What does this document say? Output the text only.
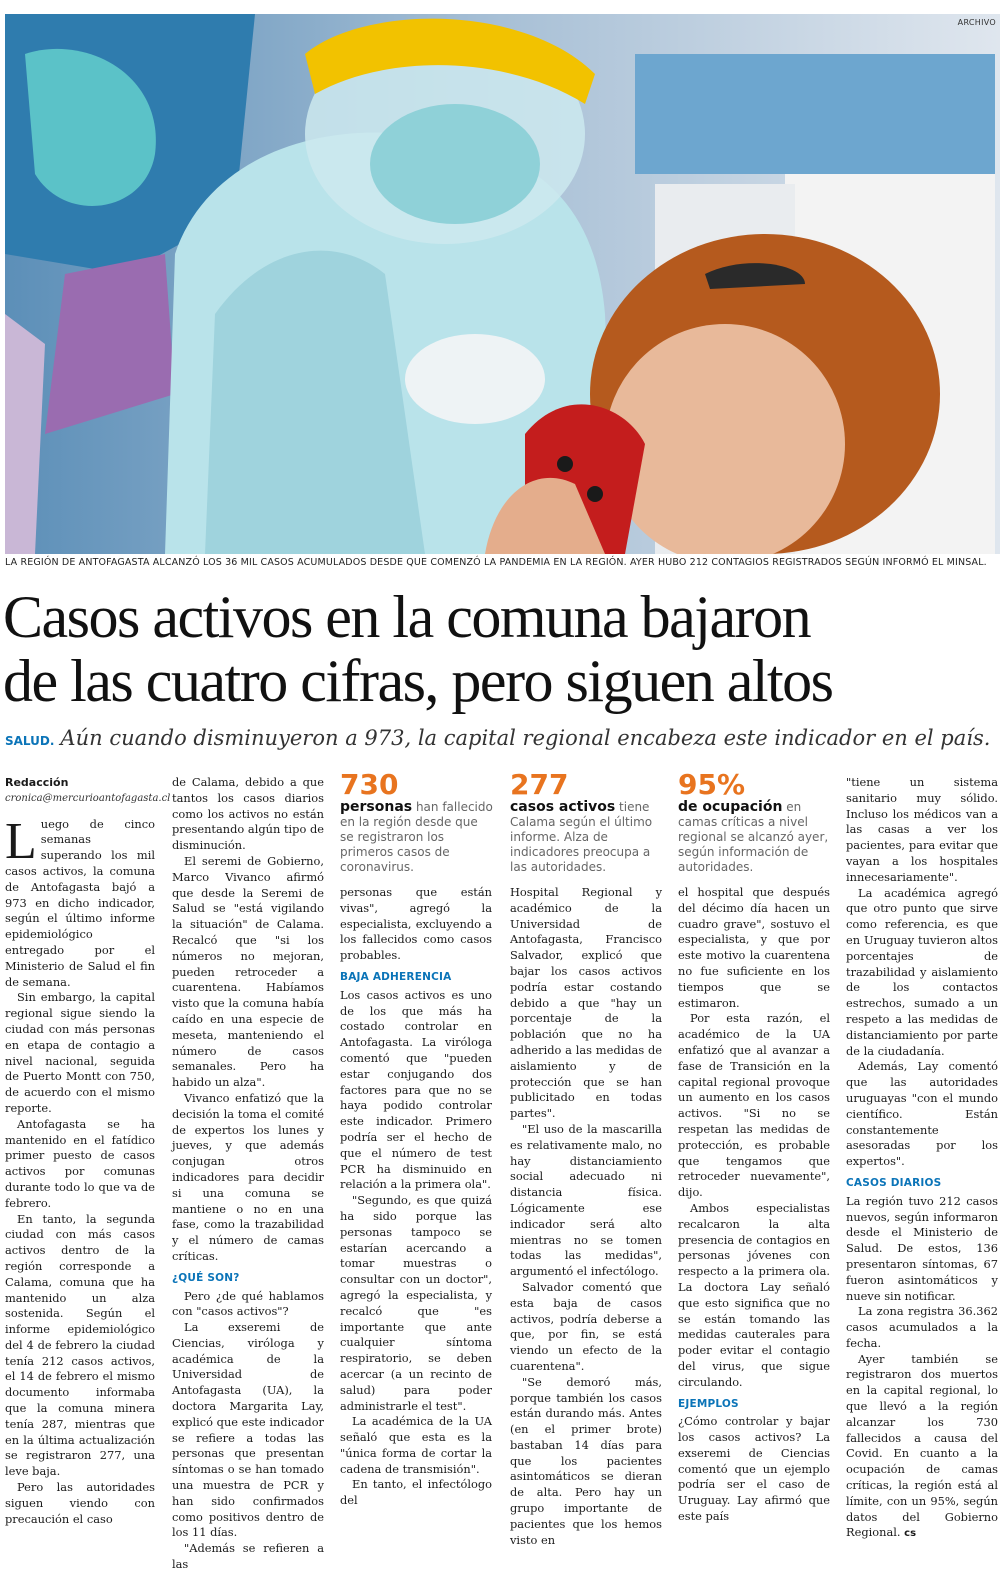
ARCHIVO
LA REGIÓN DE ANTOFAGASTA ALCANZÓ LOS 36 MIL CASOS ACUMULADOS DESDE QUE COMENZÓ LA PANDEMIA EN LA REGIÓN. AYER HUBO 212 CONTAGIOS REGISTRADOS SEGÚN INFORMÓ EL MINSAL.
Casos activos en la comuna bajaron
de las cuatro cifras, pero siguen altos
SALUD. Aún cuando disminuyeron a 973, la capital regional encabeza este indicador en el país.
Redacción
cronica@mercurioantofagasta.cl

Luego de cinco semanas superando los mil casos activos, la comuna de Antofagasta bajó a 973 en dicho indicador, según el último informe epidemiológico entregado por el Ministerio de Salud el fin de semana.

Sin embargo, la capital regional sigue siendo la ciudad con más personas en etapa de contagio a nivel nacional, seguida de Puerto Montt con 750, de acuerdo con el mismo reporte.

Antofagasta se ha mantenido en el fatídico primer puesto de casos activos por comunas durante todo lo que va de febrero.

En tanto, la segunda ciudad con más casos activos dentro de la región corresponde a Calama, comuna que ha mantenido un alza sostenida. Según el informe epidemiológico del 4 de febrero la ciudad tenía 212 casos activos, el 14 de febrero el mismo documento informaba que la comuna minera tenía 287, mientras que en la última actualización se registraron 277, una leve baja.

Pero las autoridades siguen viendo con precaución el caso

de Calama, debido a que tantos los casos diarios como los activos no están presentando algún tipo de disminución.

El seremi de Gobierno, Marco Vivanco afirmó que desde la Seremi de Salud se "está vigilando la situación" de Calama. Recalcó que "si los números no mejoran, pueden retroceder a cuarentena. Habíamos visto que la comuna había caído en una especie de meseta, manteniendo el número de casos semanales. Pero ha habido un alza".

Vivanco enfatizó que la decisión la toma el comité de expertos los lunes y jueves, y que además conjugan otros indicadores para decidir si una comuna se mantiene o no en una fase, como la trazabilidad y el número de camas críticas.

¿QUÉ SON?

Pero ¿de qué hablamos con "casos activos"?

La exseremi de Ciencias, viróloga y académica de la Universidad de Antofagasta (UA), la doctora Margarita Lay, explicó que este indicador se refiere a todas las personas que presentan síntomas o se han tomado una muestra de PCR y han sido confirmados como positivos dentro de los 11 días.

"Además se refieren a las

730
personas han fallecido en la región desde que se registraron los primeros casos de coronavirus.
277
casos activos tiene Calama según el último informe. Alza de indicadores preocupa a las autoridades.
95%
de ocupación en camas críticas a nivel regional se alcanzó ayer, según información de autoridades.

personas que están vivas", agregó la especialista, excluyendo a los fallecidos como casos probables.

BAJA ADHERENCIA

Los casos activos es uno de los que más ha costado controlar en Antofagasta. La viróloga comentó que "pueden estar conjugando dos factores para que no se haya podido controlar este indicador. Primero podría ser el hecho de que el número de test PCR ha disminuido en relación a la primera ola".

"Segundo, es que quizá ha sido porque las personas tampoco se estarían acercando a tomar muestras o consultar con un doctor", agregó la especialista, y recalcó que "es importante que ante cualquier síntoma respiratorio, se deben acercar (a un recinto de salud) para poder administrarle el test".

La académica de la UA señaló que esta es la "única forma de cortar la cadena de transmisión".

En tanto, el infectólogo del

Hospital Regional y académico de la Universidad de Antofagasta, Francisco Salvador, explicó que bajar los casos activos podría estar costando debido a que "hay un porcentaje de la población que no ha adherido a las medidas de aislamiento y de protección que se han publicitado en todas partes".

"El uso de la mascarilla es relativamente malo, no hay distanciamiento social adecuado ni distancia física. Lógicamente ese indicador será alto mientras no se tomen todas las medidas", argumentó el infectólogo.

Salvador comentó que esta baja de casos activos, podría deberse a que, por fin, se está viendo un efecto de la cuarentena".

"Se demoró más, porque también los casos están durando más. Antes (en el primer brote) bastaban 14 días para que los pacientes asintomáticos se dieran de alta. Pero hay un grupo importante de pacientes que los hemos visto en

el hospital que después del décimo día hacen un cuadro grave", sostuvo el especialista, y que por este motivo la cuarentena no fue suficiente en los tiempos que se estimaron.

Por esta razón, el académico de la UA enfatizó que al avanzar a fase de Transición en la capital regional provoque un aumento en los casos activos. "Si no se respetan las medidas de protección, es probable que tengamos que retroceder nuevamente", dijo.

Ambos especialistas recalcaron la alta presencia de contagios en personas jóvenes con respecto a la primera ola. La doctora Lay señaló que esto significa que no se están tomando las medidas cauterales para poder evitar el contagio del virus, que sigue circulando.

EJEMPLOS

¿Cómo controlar y bajar los casos activos? La exseremi de Ciencias comentó que un ejemplo podría ser el caso de Uruguay. Lay afirmó que este país

"tiene un sistema sanitario muy sólido. Incluso los médicos van a las casas a ver los pacientes, para evitar que vayan a los hospitales innecesariamente".

La académica agregó que otro punto que sirve como referencia, es que en Uruguay tuvieron altos porcentajes de trazabilidad y aislamiento de los contactos estrechos, sumado a un respeto a las medidas de distanciamiento por parte de la ciudadanía.

Además, Lay comentó que las autoridades uruguayas "con el mundo científico. Están constantemente asesoradas por los expertos".

CASOS DIARIOS

La región tuvo 212 casos nuevos, según informaron desde el Ministerio de Salud. De estos, 136 presentaron síntomas, 67 fueron asintomáticos y nueve sin notificar.

La zona registra 36.362 casos acumulados a la fecha.

Ayer también se registraron dos muertos en la capital regional, lo que llevó a la región alcanzar los 730 fallecidos a causa del Covid. En cuanto a la ocupación de camas críticas, la región está al límite, con un 95%, según datos del Gobierno Regional. cs
